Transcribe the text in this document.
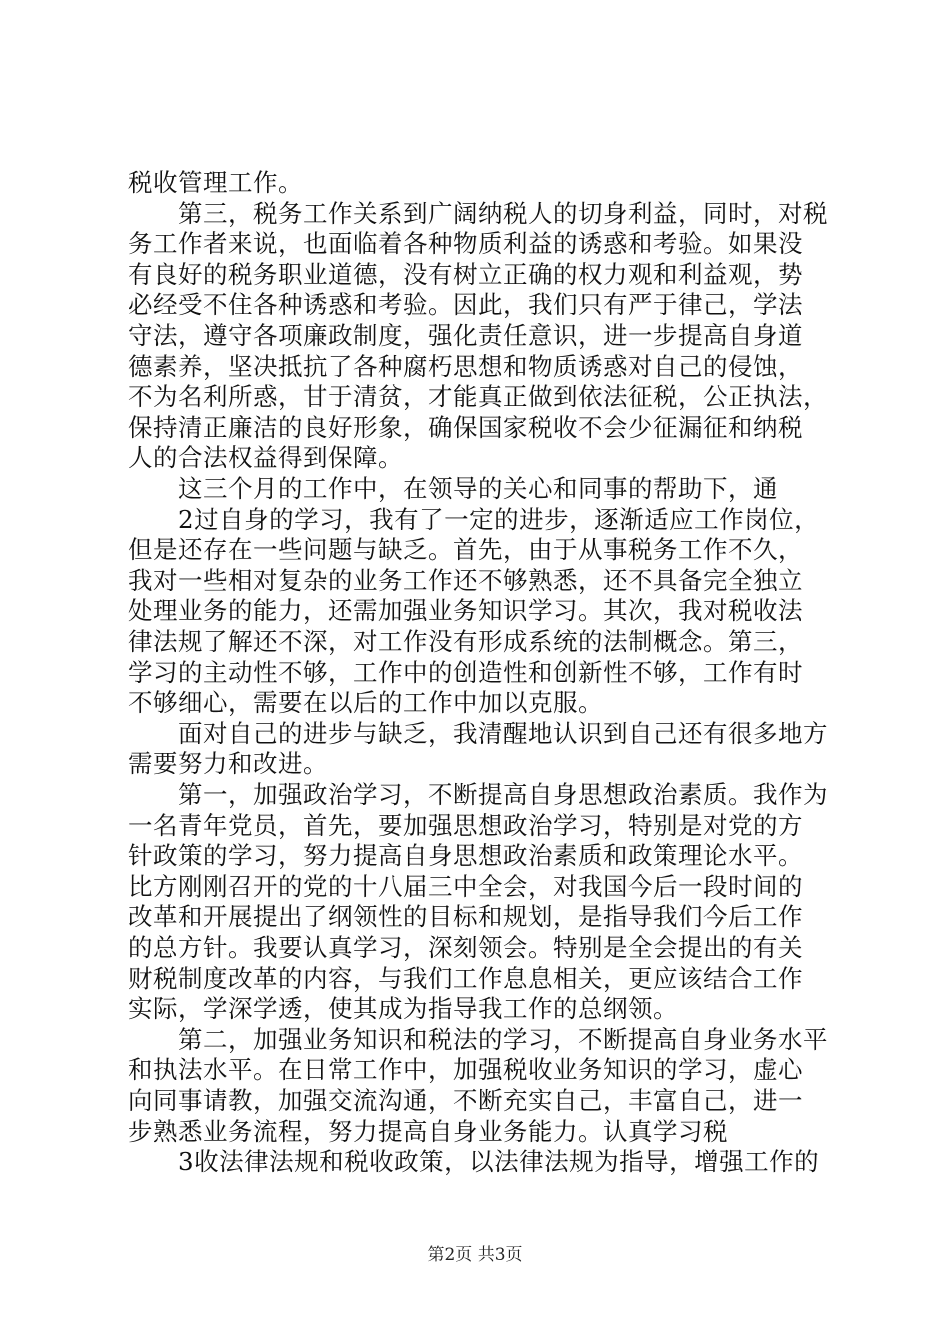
税收管理工作。
第三，税务工作关系到广阔纳税人的切身利益，同时，对税
务工作者来说，也面临着各种物质利益的诱惑和考验。如果没
有良好的税务职业道德，没有树立正确的权力观和利益观，势
必经受不住各种诱惑和考验。因此，我们只有严于律己，学法
守法，遵守各项廉政制度，强化责任意识，进一步提高自身道
德素养，坚决抵抗了各种腐朽思想和物质诱惑对自己的侵蚀，
不为名利所惑，甘于清贫，才能真正做到依法征税，公正执法，
保持清正廉洁的良好形象，确保国家税收不会少征漏征和纳税
人的合法权益得到保障。
这三个月的工作中，在领导的关心和同事的帮助下，通
2过自身的学习，我有了一定的进步，逐渐适应工作岗位，
但是还存在一些问题与缺乏。首先，由于从事税务工作不久，
我对一些相对复杂的业务工作还不够熟悉，还不具备完全独立
处理业务的能力，还需加强业务知识学习。其次，我对税收法
律法规了解还不深，对工作没有形成系统的法制概念。第三，
学习的主动性不够，工作中的创造性和创新性不够，工作有时
不够细心，需要在以后的工作中加以克服。
面对自己的进步与缺乏，我清醒地认识到自己还有很多地方
需要努力和改进。
第一，加强政治学习，不断提高自身思想政治素质。我作为
一名青年党员，首先，要加强思想政治学习，特别是对党的方
针政策的学习，努力提高自身思想政治素质和政策理论水平。
比方刚刚召开的党的十八届三中全会，对我国今后一段时间的
改革和开展提出了纲领性的目标和规划，是指导我们今后工作
的总方针。我要认真学习，深刻领会。特别是全会提出的有关
财税制度改革的内容，与我们工作息息相关，更应该结合工作
实际，学深学透，使其成为指导我工作的总纲领。
第二，加强业务知识和税法的学习，不断提高自身业务水平
和执法水平。在日常工作中，加强税收业务知识的学习，虚心
向同事请教，加强交流沟通，不断充实自己，丰富自己，进一
步熟悉业务流程，努力提高自身业务能力。认真学习税
3收法律法规和税收政策，以法律法规为指导，增强工作的
第2页 共3页
